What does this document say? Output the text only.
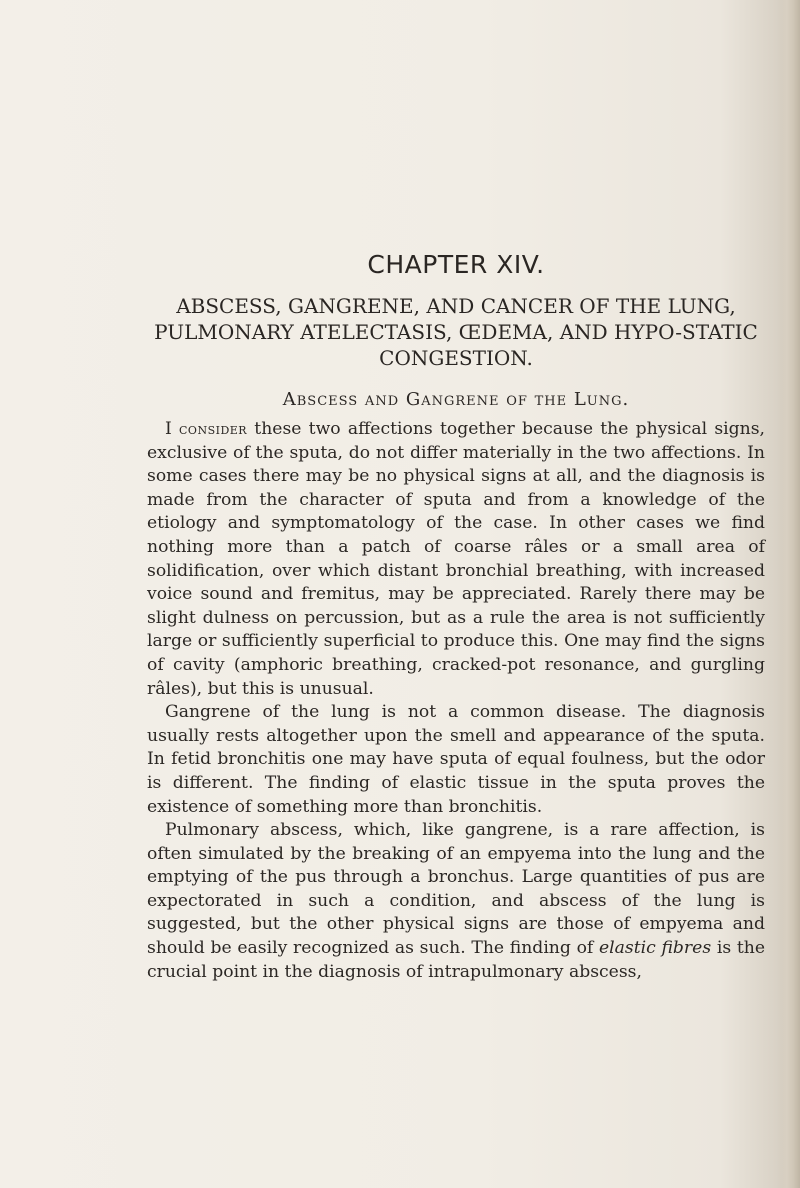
CHAPTER XIV.
ABSCESS, GANGRENE, AND CANCER OF THE LUNG, PULMONARY ATELECTASIS, ŒDEMA, AND HYPO-STATIC CONGESTION.
Abscess and Gangrene of the Lung.

I consider these two affections together because the physical signs, exclusive of the sputa, do not differ materially in the two affections. In some cases there may be no physical signs at all, and the diagnosis is made from the character of sputa and from a knowledge of the etiology and symptomatology of the case. In other cases we find nothing more than a patch of coarse râles or a small area of solidification, over which distant bronchial breathing, with increased voice sound and fremitus, may be appreciated. Rarely there may be slight dulness on percussion, but as a rule the area is not sufficiently large or sufficiently superficial to produce this. One may find the signs of cavity (amphoric breathing, cracked-pot resonance, and gurgling râles), but this is unusual.

Gangrene of the lung is not a common disease. The diagnosis usually rests altogether upon the smell and appearance of the sputa. In fetid bronchitis one may have sputa of equal foulness, but the odor is different. The finding of elastic tissue in the sputa proves the existence of something more than bronchitis.

Pulmonary abscess, which, like gangrene, is a rare affection, is often simulated by the breaking of an empyema into the lung and the emptying of the pus through a bronchus. Large quantities of pus are expectorated in such a condition, and abscess of the lung is suggested, but the other physical signs are those of empyema and should be easily recognized as such. The finding of elastic fibres is the crucial point in the diagnosis of intrapulmonary abscess,
